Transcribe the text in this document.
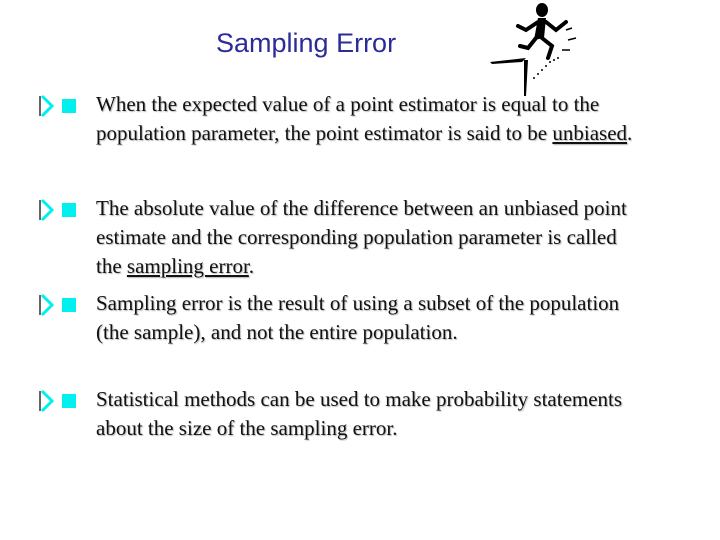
Sampling Error
When the expected value of a point estimator is equal to the population parameter, the point estimator is said to be unbiased.
The absolute value of the difference between an unbiased point estimate and the corresponding population parameter is called the sampling error.
Sampling error is the result of using a subset of the population (the sample), and not the entire population.
Statistical methods can be used to make probability statements about the size of the sampling error.
